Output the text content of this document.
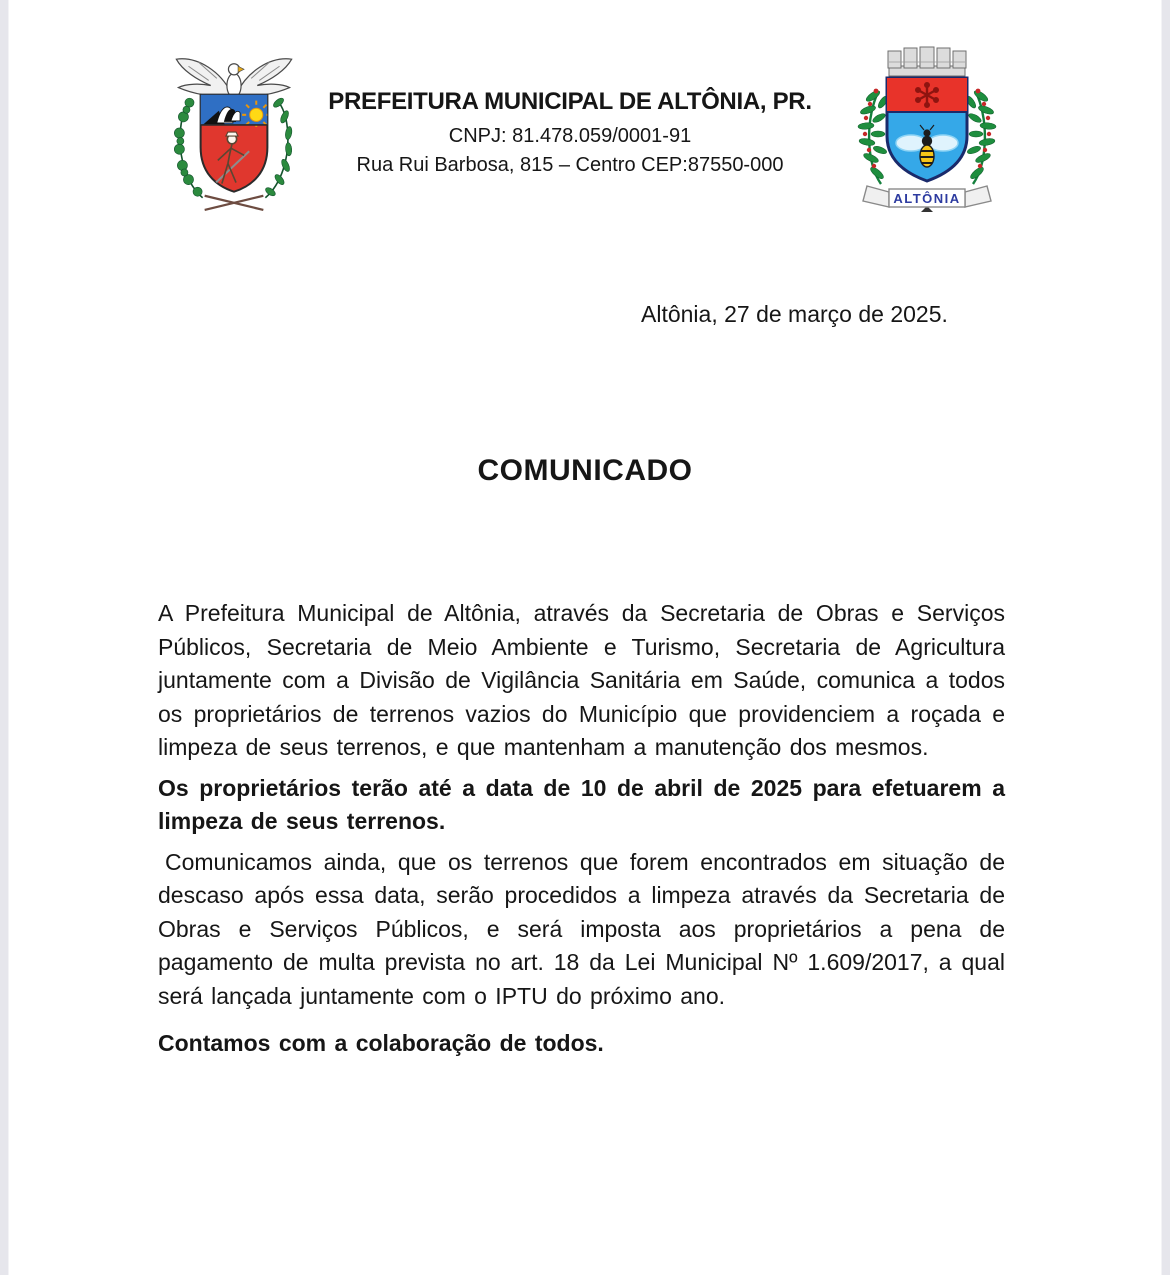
PREFEITURA MUNICIPAL DE ALTÔNIA, PR.
CNPJ: 81.478.059/0001-91
Rua Rui Barbosa, 815 – Centro CEP:87550-000
ALTÔNIA
Altônia, 27 de março de 2025.
COMUNICADO

A Prefeitura Municipal de Altônia, através da Secretaria de Obras e Serviços Públicos, Secretaria de Meio Ambiente e Turismo, Secretaria de Agricultura juntamente com a Divisão de Vigilância Sanitária em Saúde, comunica a todos os proprietários de terrenos vazios do Município que providenciem a roçada e limpeza de seus terrenos, e que mantenham a manutenção dos mesmos.

Os proprietários terão até a data de 10 de abril de 2025 para efetuarem a limpeza de seus terrenos.

Comunicamos ainda, que os terrenos que forem encontrados em situação de descaso após essa data, serão procedidos a limpeza através da Secretaria de Obras e Serviços Públicos, e será imposta aos proprietários a pena de pagamento de multa prevista no art. 18 da Lei Municipal Nº 1.609/2017, a qual será lançada juntamente com o IPTU do próximo ano.

Contamos com a colaboração de todos.
